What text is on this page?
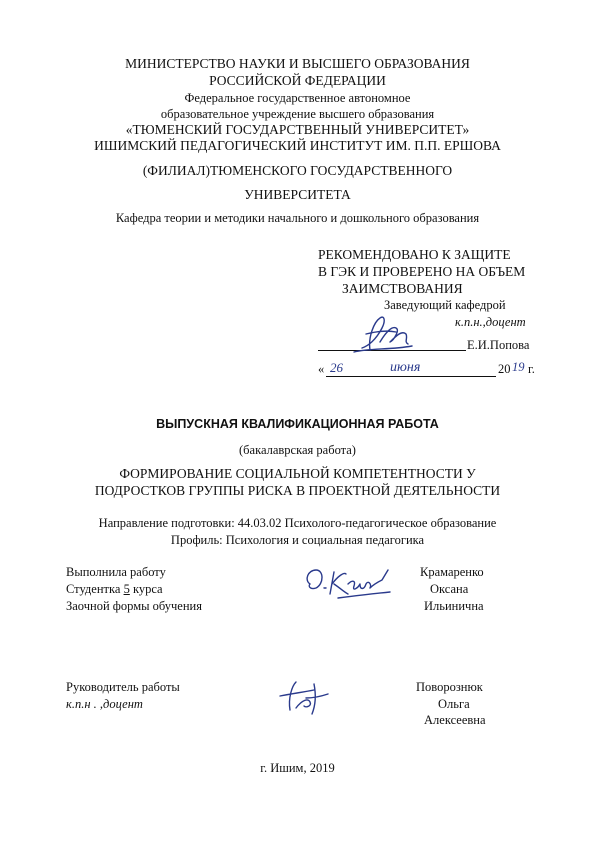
МИНИСТЕРСТВО НАУКИ И ВЫСШЕГО ОБРАЗОВАНИЯ
РОССИЙСКОЙ ФЕДЕРАЦИИ
Федеральное государственное автономное
образовательное учреждение высшего образования
«ТЮМЕНСКИЙ ГОСУДАРСТВЕННЫЙ УНИВЕРСИТЕТ»
ИШИМСКИЙ ПЕДАГОГИЧЕСКИЙ ИНСТИТУТ ИМ. П.П. ЕРШОВА
(ФИЛИАЛ)ТЮМЕНСКОГО ГОСУДАРСТВЕННОГО
УНИВЕРСИТЕТА
Кафедра теории и методики начального и дошкольного образования
РЕКОМЕНДОВАНО К ЗАЩИТЕ
В ГЭК И ПРОВЕРЕНО НА ОБЪЕМ
ЗАИМСТВОВАНИЯ
Заведующий кафедрой
к.п.н.,доцент
Е.И.Попова
« 26	июня	20 19 г.
ВЫПУСКНАЯ КВАЛИФИКАЦИОННАЯ РАБОТА
(бакалаврская работа)
ФОРМИРОВАНИЕ СОЦИАЛЬНОЙ КОМПЕТЕНТНОСТИ У
ПОДРОСТКОВ ГРУППЫ РИСКА В ПРОЕКТНОЙ ДЕЯТЕЛЬНОСТИ
Направление подготовки: 44.03.02 Психолого-педагогическое образование
Профиль: Психология и социальная педагогика
Выполнила работу
Студентка 5 курса
Заочной формы обучения
Крамаренко
Оксана
Ильинична
Руководитель работы
к.п.н . ,доцент
Поворознюк
Ольга
Алексеевна
г. Ишим, 2019
